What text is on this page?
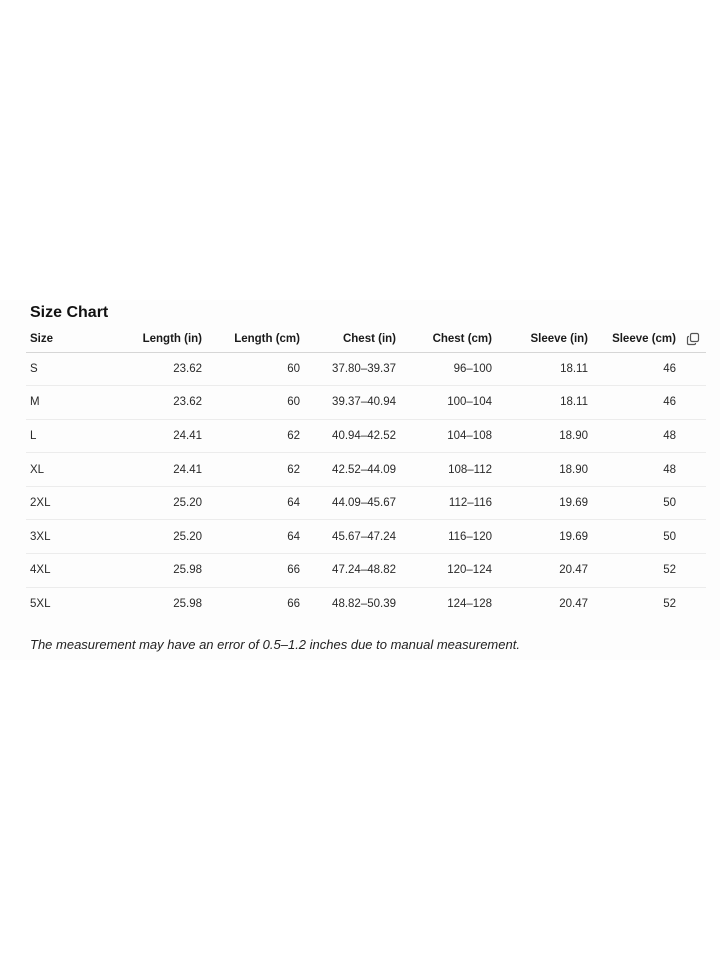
Size Chart
Size	Length (in)	Length (cm)	Chest (in)	Chest (cm)	Sleeve (in)	Sleeve (cm)	

S	23.62	60	37.80–39.37	96–100	18.11	46	
M	23.62	60	39.37–40.94	100–104	18.11	46	
L	24.41	62	40.94–42.52	104–108	18.90	48	
XL	24.41	62	42.52–44.09	108–112	18.90	48	
2XL	25.20	64	44.09–45.67	112–116	19.69	50	
3XL	25.20	64	45.67–47.24	116–120	19.69	50	
4XL	25.98	66	47.24–48.82	120–124	20.47	52	
5XL	25.98	66	48.82–50.39	124–128	20.47	52	
The measurement may have an error of 0.5–1.2 inches due to manual measurement.
